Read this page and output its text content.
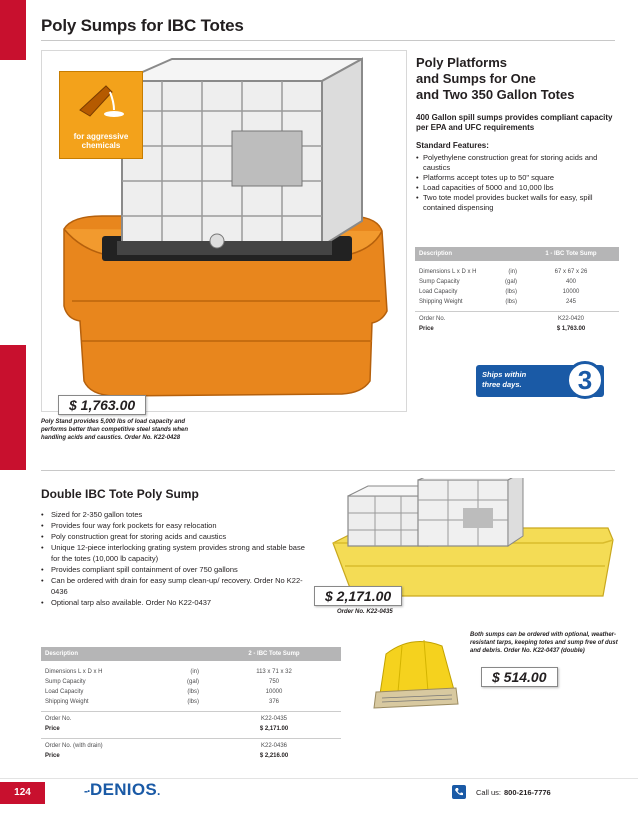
Poly Sumps for IBC Totes
for aggressive chemicals
$ 1,763.00

Poly Stand provides 5,000 lbs of load capacity and performs better than competitive steel stands when handling acids and caustics. Order No. K22-0428

Poly Platforms
and Sumps for One
and Two 350 Gallon Totes

400 Gallon spill sumps provides compliant capacity per EPA and UFC requirements

Standard Features:
• Polyethylene construction great for storing acids and caustics
• Platforms accept totes up to 50" square
• Load capacities of 5000 and 10,000 lbs
• Two tote model provides bucket walls for easy, spill contained dispensing
Description	1 - IBC Tote Sump
Dimensions L x D x H	(in)	67 x 67 x 26
Sump Capacity	(gal)	400
Load Capacity	(lbs)	10000
Shipping Weight	(lbs)	245
Order No.	K22-0420
Price	$ 1,763.00
Ships within
three days.	3
Double IBC Tote Poly Sump
• Sized for 2-350 gallon totes
• Provides four way fork pockets for easy relocation
• Poly construction great for storing acids and caustics
• Unique 12-piece interlocking grating system provides strong and stable base for the totes (10,000 lb capacity)
• Provides compliant spill containment of over 750 gallons
• Can be ordered with drain for easy sump clean-up/ recovery. Order No K22-0436
• Optional tarp also available. Order No K22-0437	$ 2,171.00
Order No. K22-0435
Description	2 - IBC Tote Sump
Dimensions L x D x H	(in)	113 x 71 x 32
Sump Capacity	(gal)	750
Load Capacity	(lbs)	10000
Shipping Weight	(lbs)	376
Order No.	K22-0435
Price	$ 2,171.00
Order No. (with drain)	K22-0436
Price	$ 2,216.00

Both sumps can be ordered with optional, weather-resistant tarps, keeping totes and sump free of dust and debris. Order No. K22-0437 (double)

$ 514.00
124	-·DENIOS.	Call us: 800-216-7776
